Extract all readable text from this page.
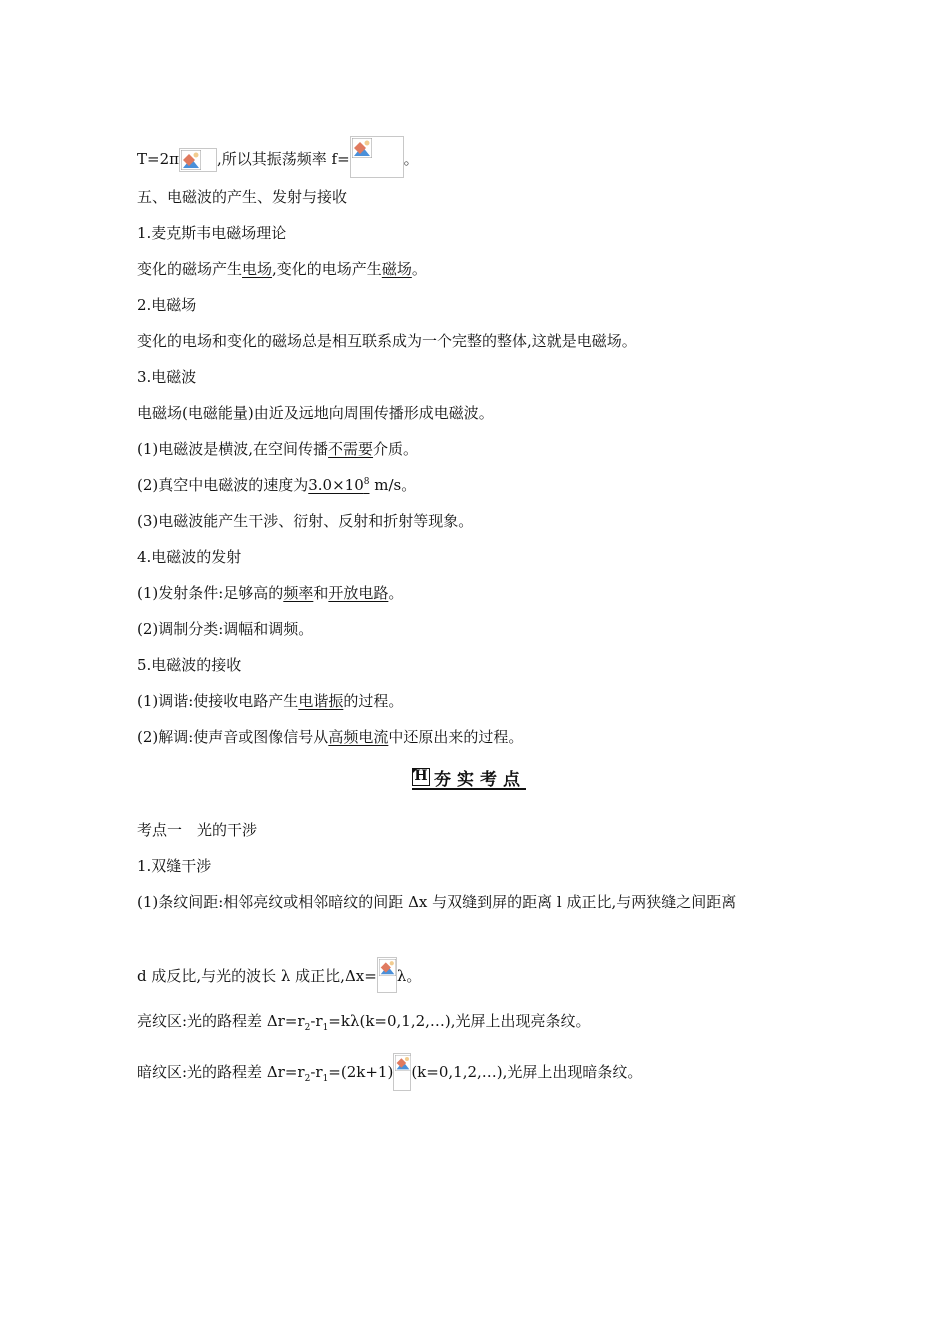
T=2π	,所以其振荡频率 f=	。
五、电磁波的产生、发射与接收
1.麦克斯韦电磁场理论
变化的磁场产生电场,变化的电场产生磁场。
2.电磁场
变化的电场和变化的磁场总是相互联系成为一个完整的整体,这就是电磁场。
3.电磁波
电磁场(电磁能量)由近及远地向周围传播形成电磁波。
(1)电磁波是横波,在空间传播不需要介质。
(2)真空中电磁波的速度为$3.0\times 10^8$ m/s。
(3)电磁波能产生干涉、衍射、反射和折射等现象。
4.电磁波的发射
(1)发射条件:足够高的频率和开放电路。
(2)调制分类:调幅和调频。
5.电磁波的接收
(1)调谐:使接收电路产生电谐振的过程。
(2)解调:使声音或图像信号从高频电流中还原出来的过程。
H 夯实考点
考点一　光的干涉
1.双缝干涉
(1)条纹间距:相邻亮纹或相邻暗纹的间距 Δx 与双缝到屏的距离 l 成正比,与两狭缝之间距离
d 成反比,与光的波长 λ 成正比,Δx= λ。
亮纹区:光的路程差 $\Delta r=r_2-r_1=k\lambda(k=0,1,2,\dots)$,光屏上出现亮条纹。
暗纹区:光的路程差 $\Delta r=r_2-r_1=(2k+1)$ (k=0,1,2,…),光屏上出现暗条纹。
